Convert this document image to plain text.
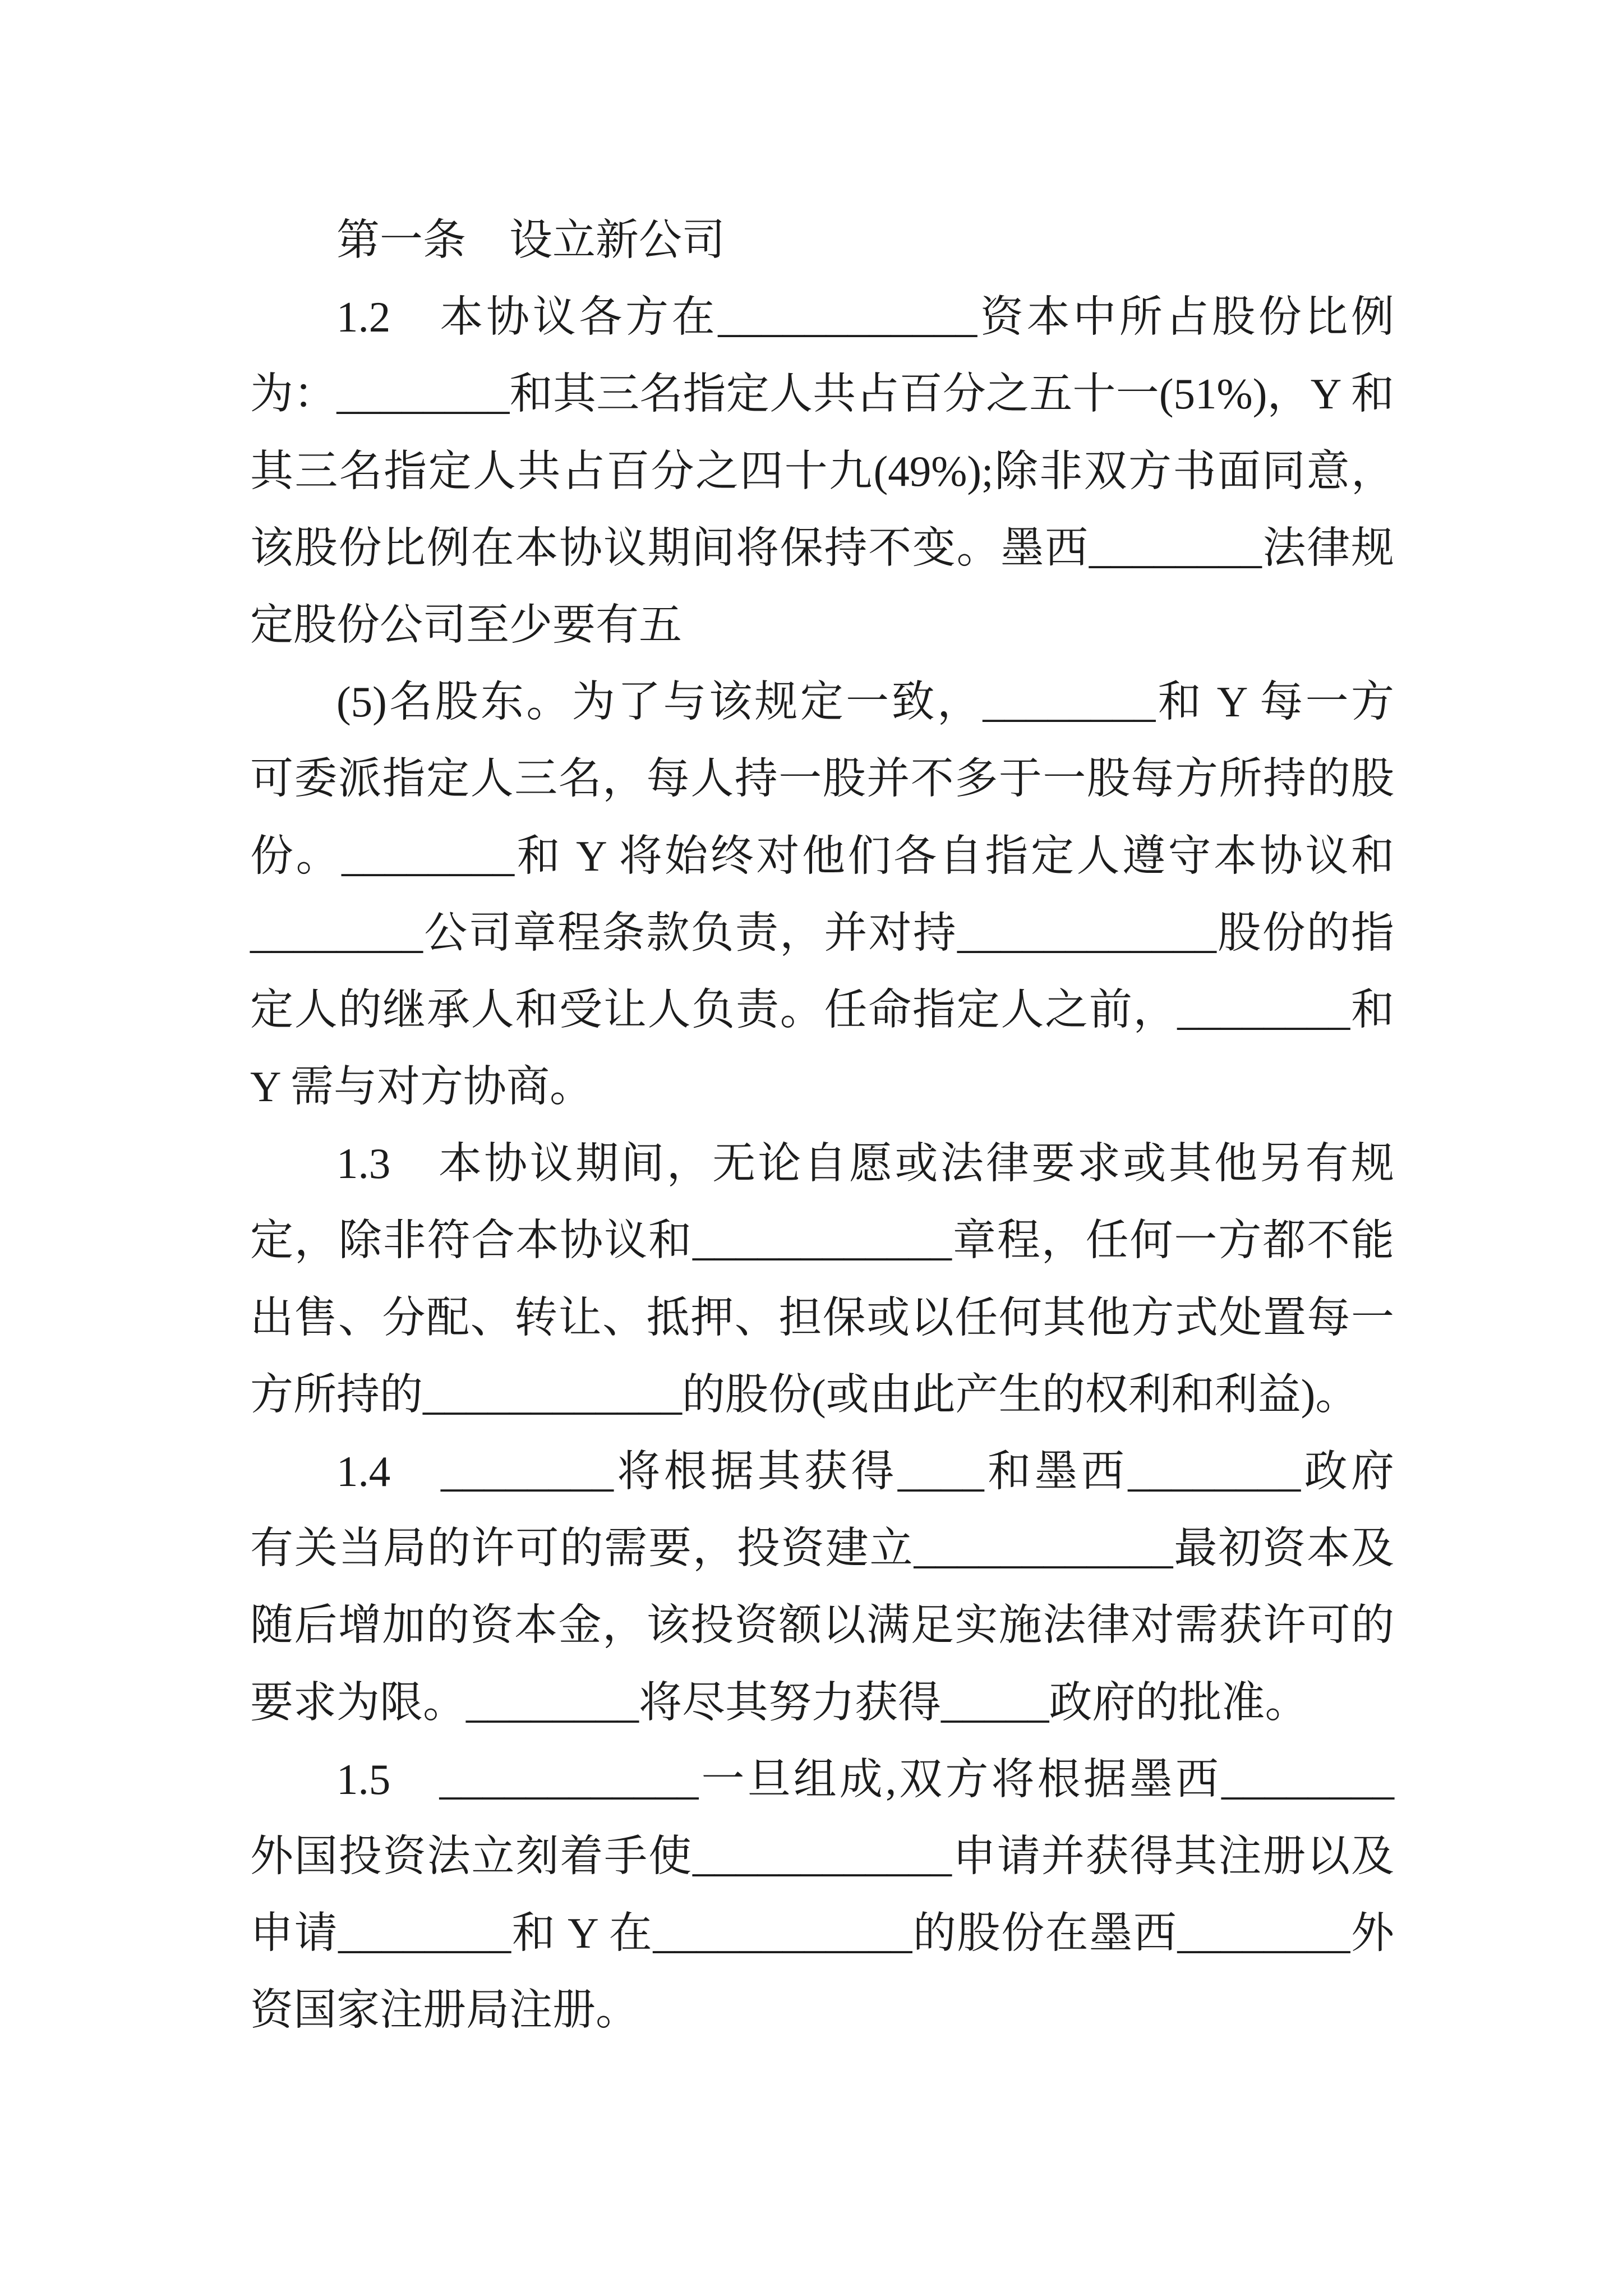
第一条　设立新公司
1.2　本协议各方在____________资本中所占股份比例
为：________和其三名指定人共占百分之五十一(51%)，Y 和
其三名指定人共占百分之四十九(49%);除非双方书面同意，
该股份比例在本协议期间将保持不变。墨西________法律规
定股份公司至少要有五
(5)名股东。为了与该规定一致，________和 Y 每一方
可委派指定人三名，每人持一股并不多于一股每方所持的股
份。________和 Y 将始终对他们各自指定人遵守本协议和
________公司章程条款负责，并对持____________股份的指
定人的继承人和受让人负责。任命指定人之前，________和
Y 需与对方协商。
1.3　本协议期间，无论自愿或法律要求或其他另有规
定，除非符合本协议和____________章程，任何一方都不能
出售、分配、转让、抵押、担保或以任何其他方式处置每一
方所持的____________的股份(或由此产生的权利和利益)。
1.4　________将根据其获得____和墨西________政府
有关当局的许可的需要，投资建立____________最初资本及
随后增加的资本金，该投资额以满足实施法律对需获许可的
要求为限。________将尽其努力获得_____政府的批准。
1.5　____________一旦组成,双方将根据墨西________
外国投资法立刻着手使____________申请并获得其注册以及
申请________和 Y 在____________的股份在墨西________外
资国家注册局注册。
